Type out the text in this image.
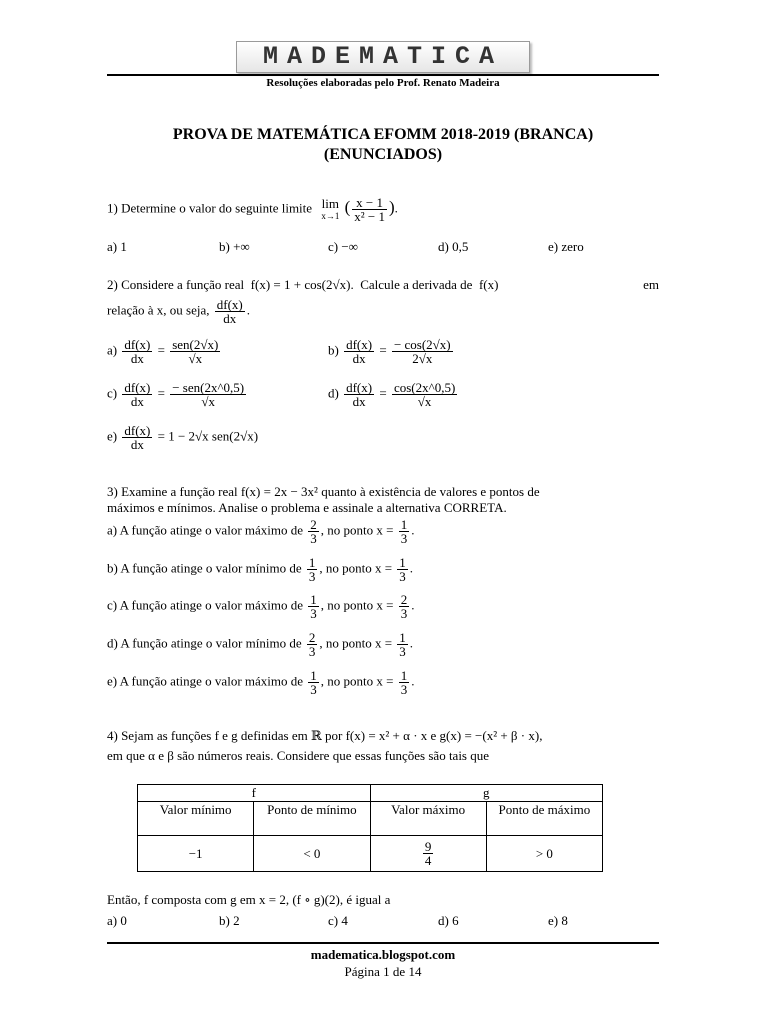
MADEMATICA
Resoluções elaboradas pelo Prof. Renato Madeira
PROVA DE MATEMÁTICA EFOMM 2018-2019 (BRANCA)
(ENUNCIADOS)
1) Determine o valor do seguinte limite lim
x→1 ( $\frac{x - 1}{\text{x² − 1}}$ ).
a) 1	b) +∞	c) −∞	d) 0,5	e) zero
2) Considere a função real f(x) = 1 + cos(2√x). Calcule a derivada de f(x)	em
relação à x, ou seja, $\frac{df(x)}{dx}$ .
$a) \frac{df(x)}{dx} = \frac{\text{sen(2√x)}}{√x}$	$b) \frac{df(x)}{dx} = \frac{- \cos(2√x)}{2√x}$
$c) \frac{df(x)}{dx} = \frac{\text{− sen(2x\textasciicircum{}0,5)}}{√x}$	$d) \frac{df(x)}{dx} = \frac{\cos(2x\^{}0,5)}{√x}$
$e) \frac{df(x)}{dx} = 1 - 2√x$ sen(2√x)
3) Examine a função real f(x) = 2x − 3x² quanto à existência de valores e pontos de
máximos e mínimos. Analise o problema e assinale a alternativa CORRETA.
a) A função atinge o valor máximo de $\frac{2}{3}$ , no ponto $x = \frac{1}{3}$ .
b) A função atinge o valor mínimo de $\frac{1}{3}$ , no ponto $x = \frac{1}{3}$ .
c) A função atinge o valor máximo de $\frac{1}{3}$ , no ponto $x = \frac{2}{3}$ .
d) A função atinge o valor mínimo de $\frac{2}{3}$ , no ponto $x = \frac{1}{3}$ .
e) A função atinge o valor máximo de $\frac{1}{3}$ , no ponto $x = \frac{1}{3}$ .
4) Sejam as funções f e g definidas em ℝ por f(x) = x² + α · x e g(x) = −(x² + β · x),
em que α e β são números reais. Considere que essas funções são tais que
f		g	
Valor mínimo	Ponto de mínimo	Valor máximo	Ponto de máximo
−1	< 0	$\frac{9}{4}$	> 0
Então, f composta com g em x = 2, (f ∘ g)(2), é igual a
a) 0	b) 2	c) 4	d) 6	e) 8
madematica.blogspot.com
Página 1 de 14
